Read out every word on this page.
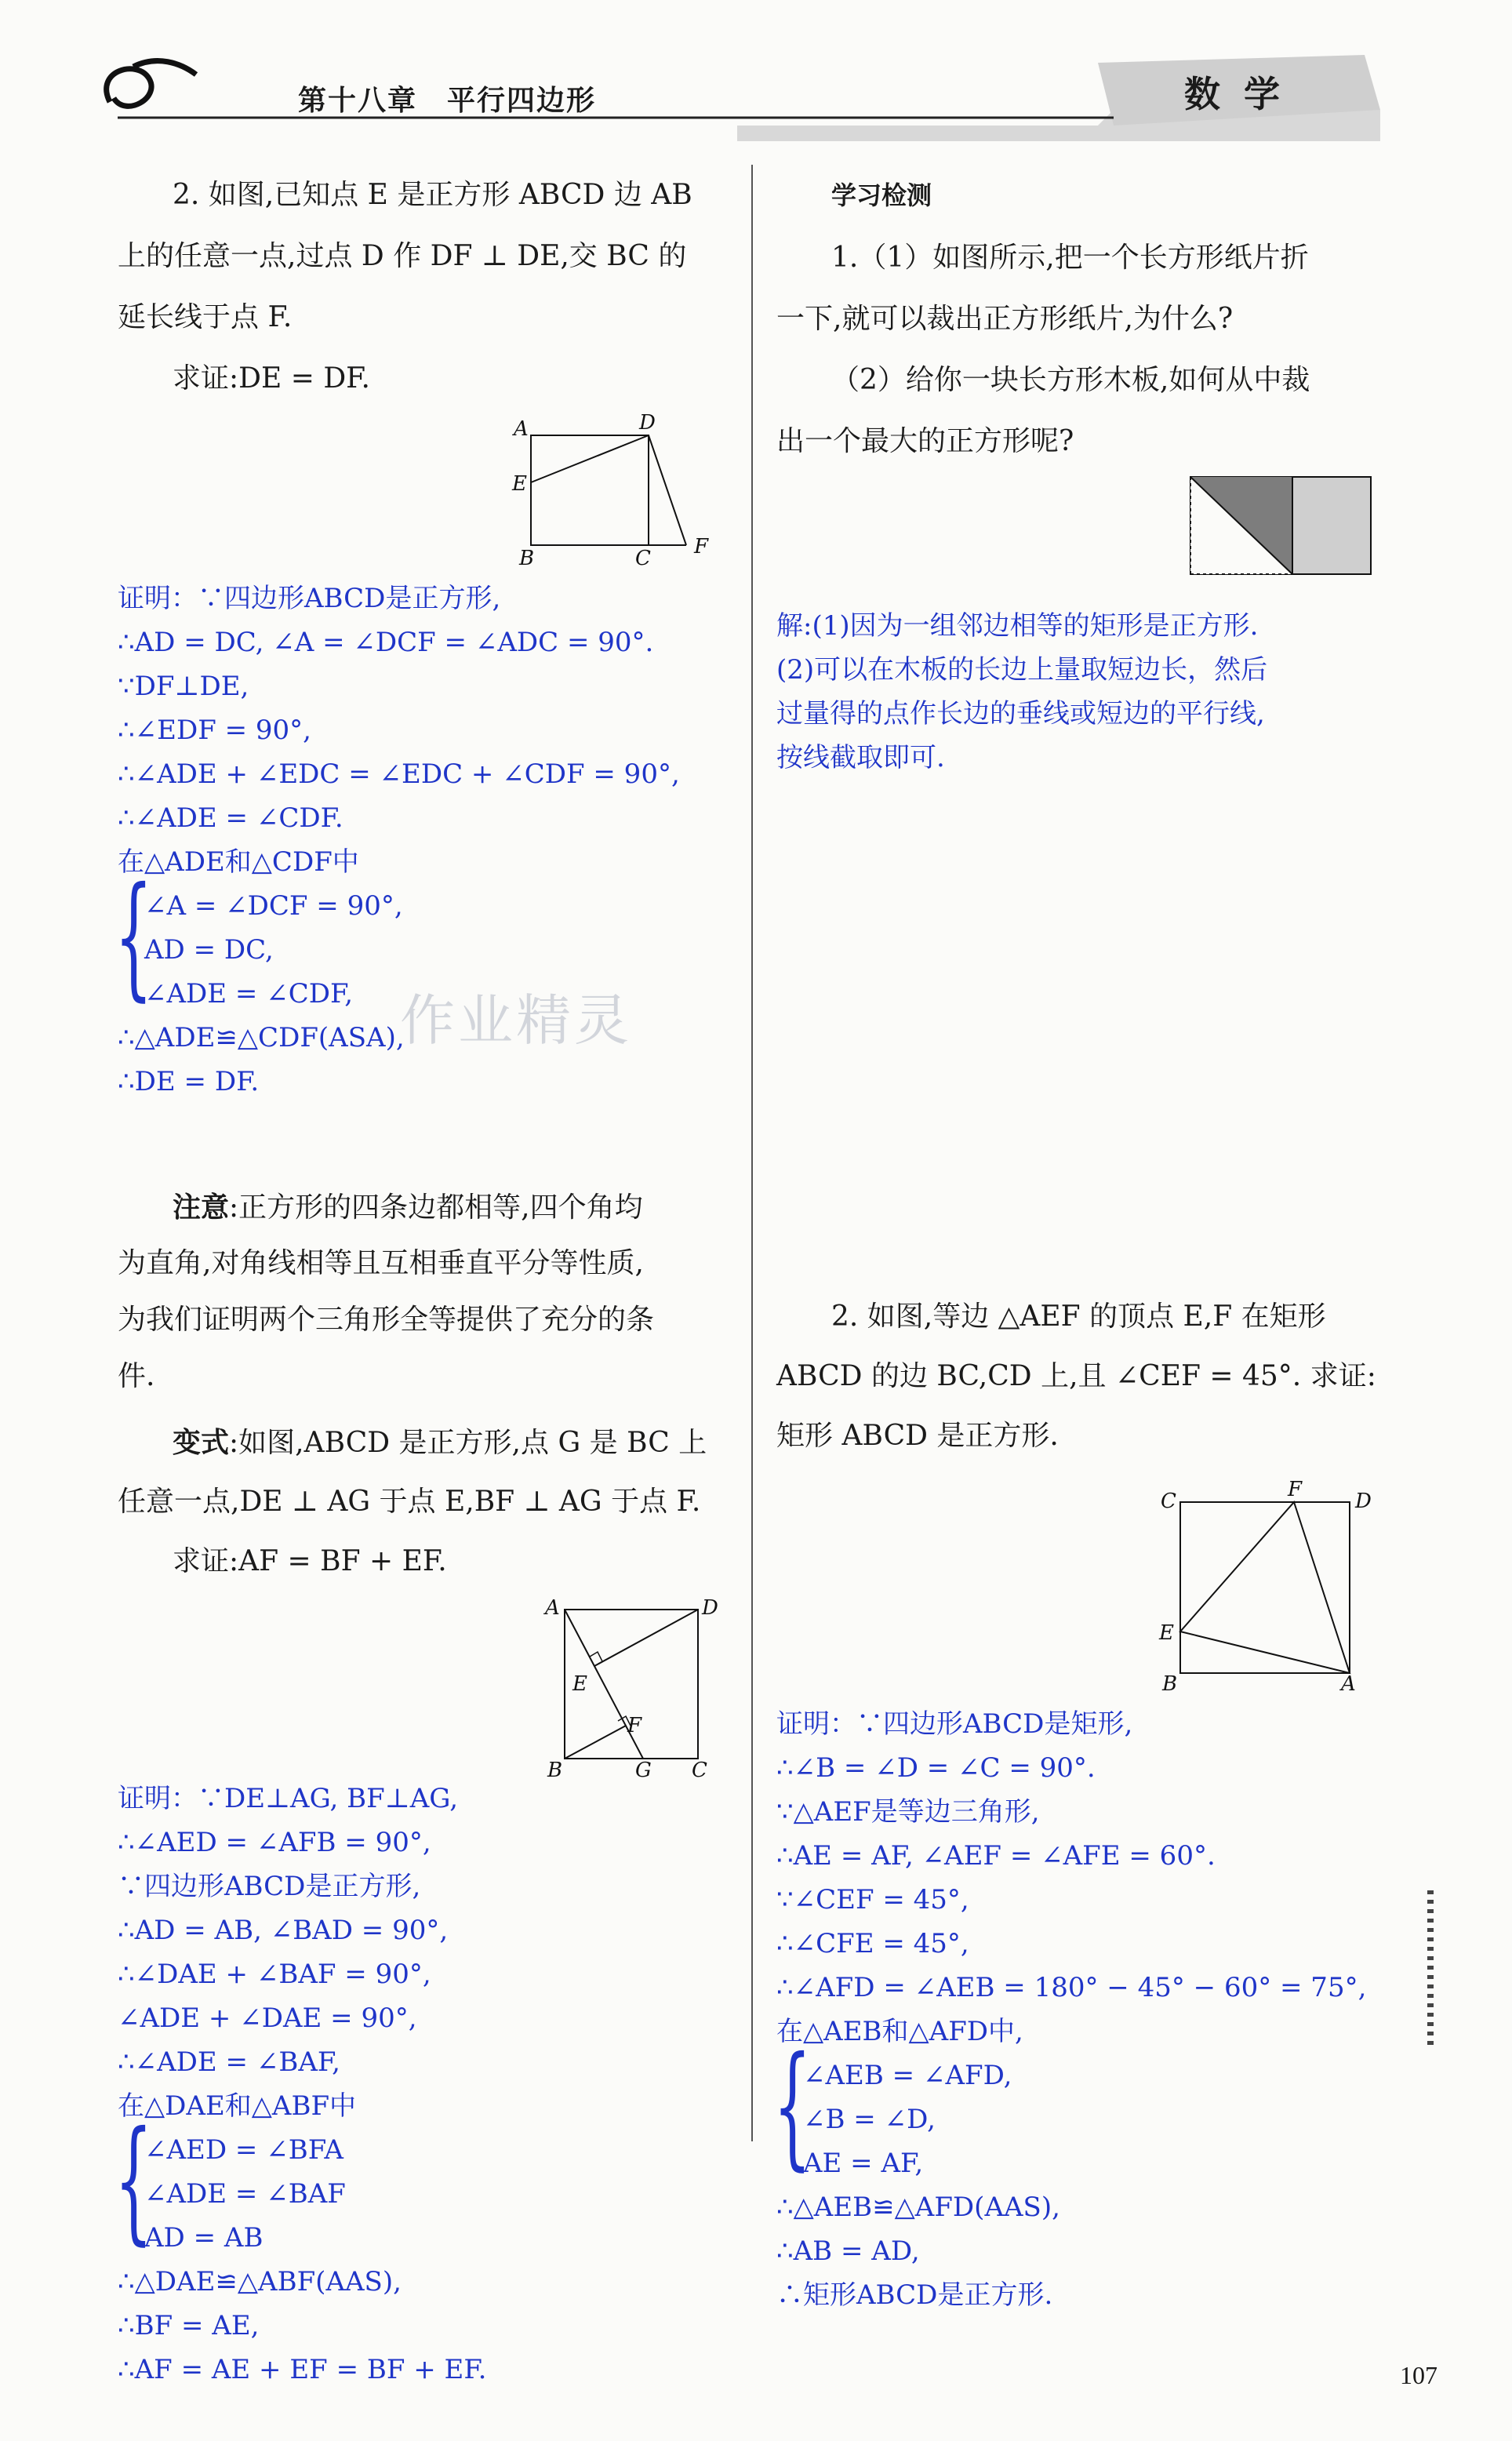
第十八章　平行四边形	数学
2. 如图,已知点 E 是正方形 ABCD 边 AB
上的任意一点,过点 D 作 DF ⊥ DE,交 BC 的
延长线于点 F.
求证:DE = DF.
A	D
E
B	C F
证明：∵四边形ABCD是正方形,
∴AD = DC, ∠A = ∠DCF = ∠ADC = 90°.
∵DF⊥DE,
∴∠EDF = 90°,
∴∠ADE + ∠EDC = ∠EDC + ∠CDF = 90°,
∴∠ADE = ∠CDF.
在△ADE和△CDF中
{
∠A = ∠DCF = 90°,
AD = DC,
∠ADE = ∠CDF,
∴△ADE≌△CDF(ASA),
∴DE = DF.
作业精灵
注意:正方形的四条边都相等,四个角均
为直角,对角线相等且互相垂直平分等性质,
为我们证明两个三角形全等提供了充分的条
件.
变式:如图,ABCD 是正方形,点 G 是 BC 上
任意一点,DE ⊥ AG 于点 E,BF ⊥ AG 于点 F.
求证:AF = BF + EF.
A	D
E
F
B	G C
证明：∵DE⊥AG, BF⊥AG,
∴∠AED = ∠AFB = 90°,
∵四边形ABCD是正方形,
∴AD = AB, ∠BAD = 90°,
∴∠DAE + ∠BAF = 90°,
∠ADE + ∠DAE = 90°,
∴∠ADE = ∠BAF,
在△DAE和△ABF中
{
∠AED = ∠BFA
∠ADE = ∠BAF
AD = AB
∴△DAE≌△ABF(AAS),
∴BF = AE,
∴AF = AE + EF = BF + EF.
学习检测
1.（1）如图所示,把一个长方形纸片折
一下,就可以裁出正方形纸片,为什么?
（2）给你一块长方形木板,如何从中裁
出一个最大的正方形呢?
解:(1)因为一组邻边相等的矩形是正方形.
(2)可以在木板的长边上量取短边长，然后
过量得的点作长边的垂线或短边的平行线,
按线截取即可.
2. 如图,等边 △AEF 的顶点 E,F 在矩形
ABCD 的边 BC,CD 上,且 ∠CEF = 45°. 求证:
矩形 ABCD 是正方形.
C	F	D
E
B	A
证明：∵四边形ABCD是矩形,
∴∠B = ∠D = ∠C = 90°.
∵△AEF是等边三角形,
∴AE = AF, ∠AEF = ∠AFE = 60°.
∵∠CEF = 45°,
∴∠CFE = 45°,
∴∠AFD = ∠AEB = 180° − 45° − 60° = 75°,
在△AEB和△AFD中,
{
∠AEB = ∠AFD,
∠B = ∠D,
AE = AF,
∴△AEB≌△AFD(AAS),
∴AB = AD,
∴矩形ABCD是正方形.
107
